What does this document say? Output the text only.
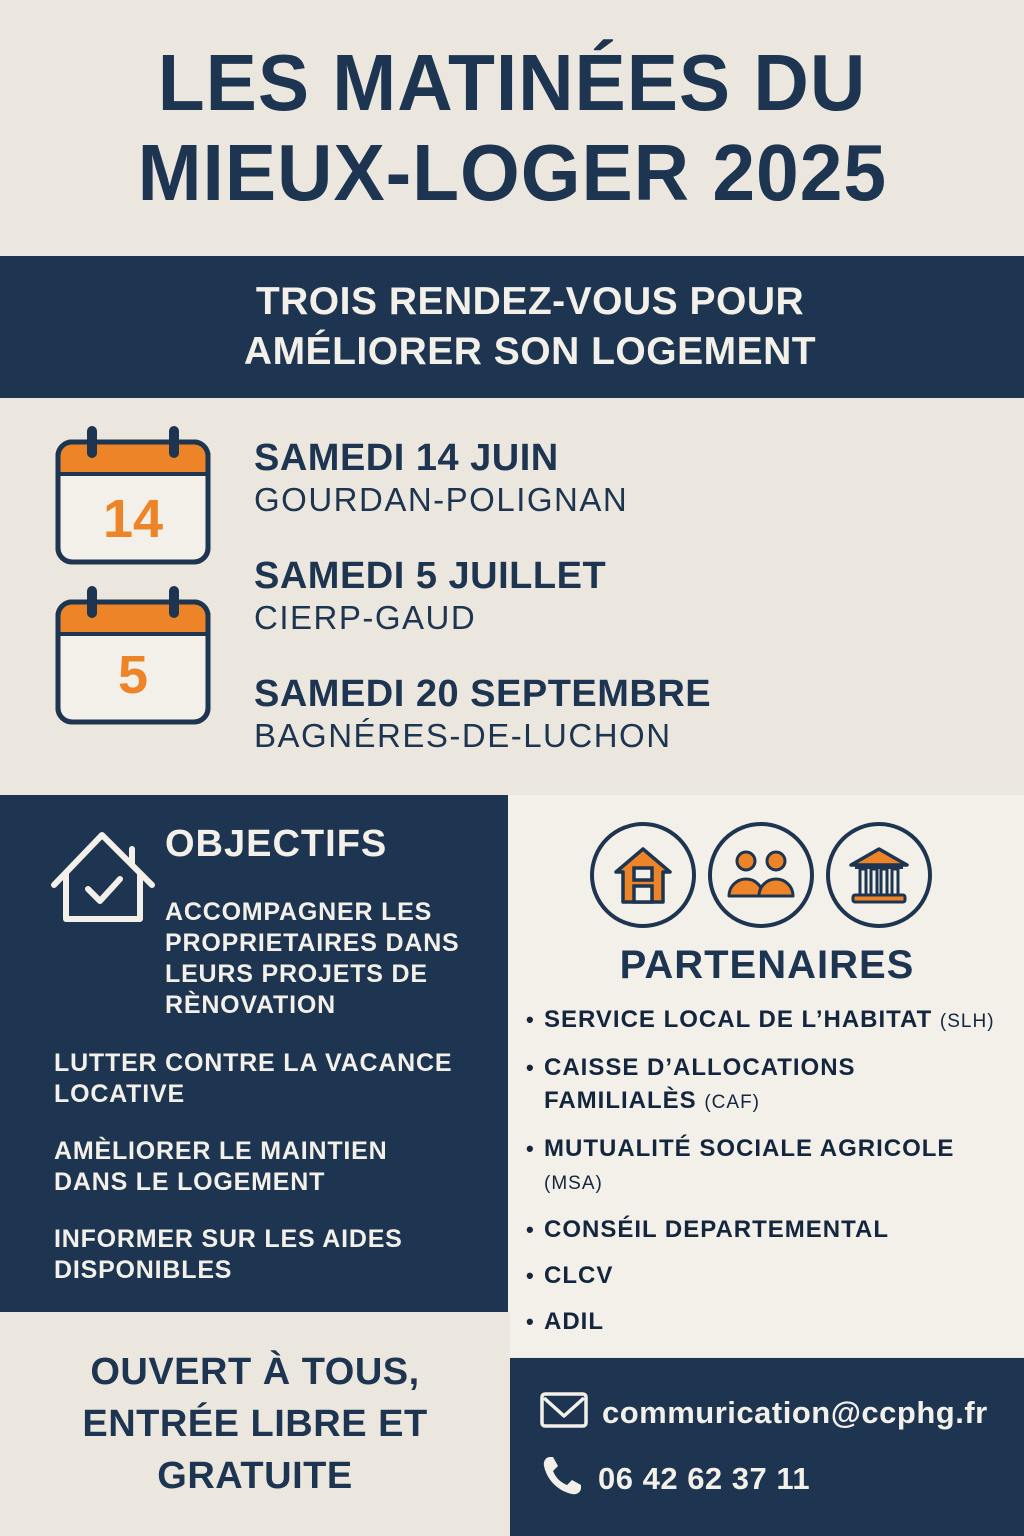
LES MATINÉES DU
MIEUX-LOGER 2025
TROIS RENDEZ-VOUS POUR
AMÉLIORER SON LOGEMENT
14
5
SAMEDI 14 JUIN
GOURDAN-POLIGNAN
SAMEDI 5 JUILLET
CIERP-GAUD
SAMEDI 20 SEPTEMBRE
BAGNÉRES-DE-LUCHON
OBJECTIFS
ACCOMPAGNER LES
PROPRIETAIRES DANS
LEURS PROJETS DE
RÈNOVATION
LUTTER CONTRE LA VACANCE
LOCATIVE
AMÈLIORER LE MAINTIEN
DANS LE LOGEMENT
INFORMER SUR LES AIDES
DISPONIBLES
OUVERT À TOUS,
ENTRÉE LIBRE ET
GRATUITE
PARTENAIRES
• SERVICE LOCAL DE L’HABITAT (SLH)
• CAISSE D’ALLOCATIONS FAMILIALÈS (CAF)
• MUTUALITÉ SOCIALE AGRICOLE (MSA)
• CONSÉIL DEPARTEMENTAL
• CLCV
• ADIL
commurication@ccphg.fr
06 42 62 37 11
